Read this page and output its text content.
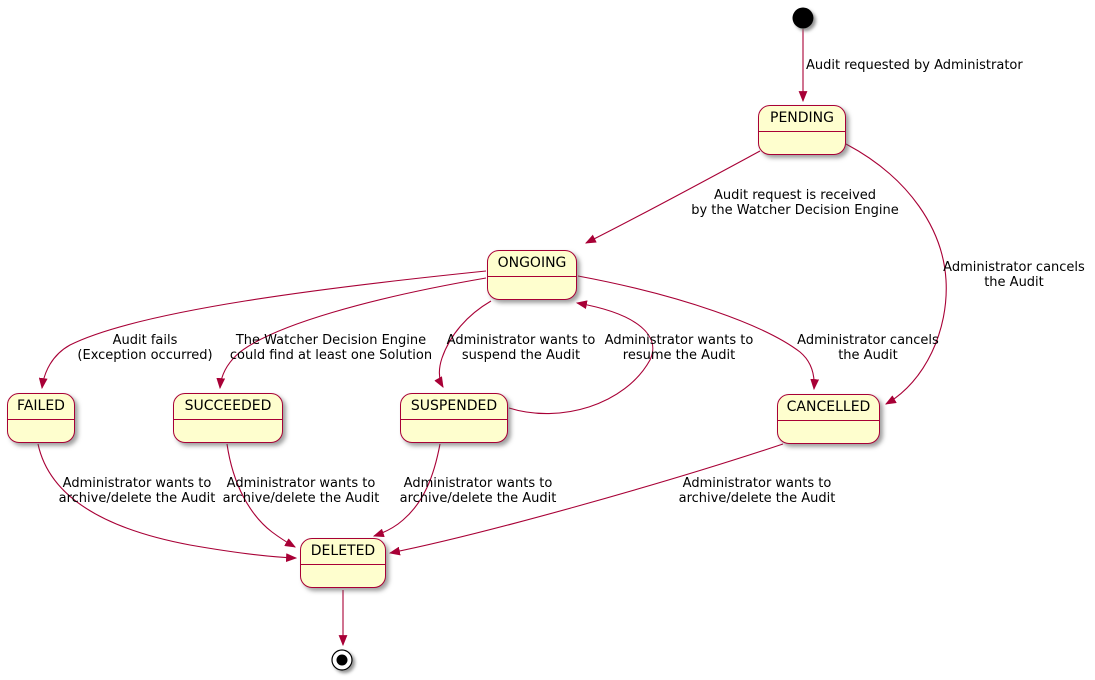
PENDING
ONGOING
FAILED	SUCCEEDED	SUSPENDED	CANCELLED
DELETED
Audit requested by Administrator
Audit request is received
by the Watcher Decision Engine
Administrator cancels
the Audit
Audit fails
(Exception occurred)
The Watcher Decision Engine
could find at least one Solution
Administrator wants to
suspend the Audit
Administrator wants to
resume the Audit
Administrator cancels
the Audit
Administrator wants to
archive/delete the Audit
Administrator wants to
archive/delete the Audit
Administrator wants to
archive/delete the Audit
Administrator wants to
archive/delete the Audit
